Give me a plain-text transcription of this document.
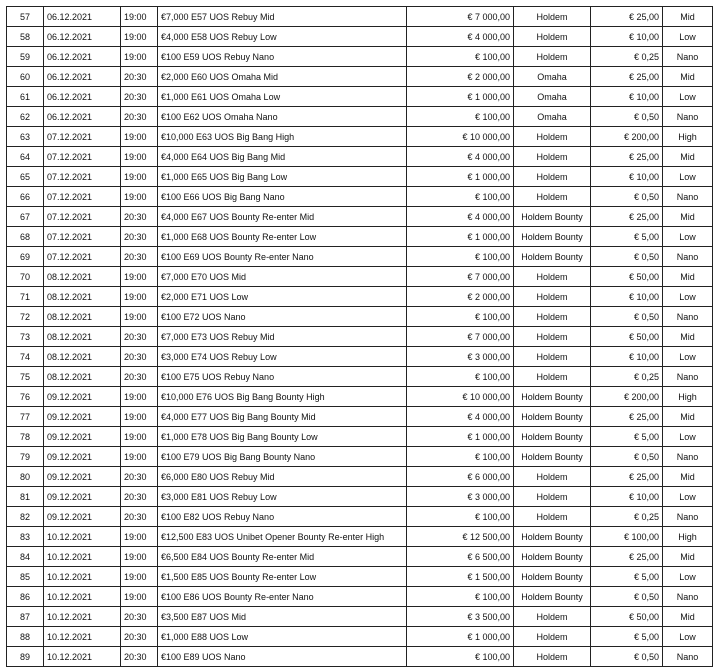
57	06.12.2021	19:00	€7,000 E57 UOS Rebuy Mid	€ 7 000,00	Holdem	€ 25,00	Mid
58	06.12.2021	19:00	€4,000 E58 UOS Rebuy Low	€ 4 000,00	Holdem	€ 10,00	Low
59	06.12.2021	19:00	€100 E59 UOS Rebuy Nano	€ 100,00	Holdem	€ 0,25	Nano
60	06.12.2021	20:30	€2,000 E60 UOS Omaha Mid	€ 2 000,00	Omaha	€ 25,00	Mid
61	06.12.2021	20:30	€1,000 E61 UOS Omaha Low	€ 1 000,00	Omaha	€ 10,00	Low
62	06.12.2021	20:30	€100 E62 UOS Omaha Nano	€ 100,00	Omaha	€ 0,50	Nano
63	07.12.2021	19:00	€10,000 E63 UOS Big Bang High	€ 10 000,00	Holdem	€ 200,00	High
64	07.12.2021	19:00	€4,000 E64 UOS Big Bang Mid	€ 4 000,00	Holdem	€ 25,00	Mid
65	07.12.2021	19:00	€1,000 E65 UOS Big Bang Low	€ 1 000,00	Holdem	€ 10,00	Low
66	07.12.2021	19:00	€100 E66 UOS Big Bang Nano	€ 100,00	Holdem	€ 0,50	Nano
67	07.12.2021	20:30	€4,000 E67 UOS Bounty Re-enter Mid	€ 4 000,00	Holdem Bounty	€ 25,00	Mid
68	07.12.2021	20:30	€1,000 E68 UOS Bounty Re-enter Low	€ 1 000,00	Holdem Bounty	€ 5,00	Low
69	07.12.2021	20:30	€100 E69 UOS Bounty Re-enter Nano	€ 100,00	Holdem Bounty	€ 0,50	Nano
70	08.12.2021	19:00	€7,000 E70 UOS Mid	€ 7 000,00	Holdem	€ 50,00	Mid
71	08.12.2021	19:00	€2,000 E71 UOS Low	€ 2 000,00	Holdem	€ 10,00	Low
72	08.12.2021	19:00	€100 E72 UOS Nano	€ 100,00	Holdem	€ 0,50	Nano
73	08.12.2021	20:30	€7,000 E73 UOS Rebuy Mid	€ 7 000,00	Holdem	€ 50,00	Mid
74	08.12.2021	20:30	€3,000 E74 UOS Rebuy Low	€ 3 000,00	Holdem	€ 10,00	Low
75	08.12.2021	20:30	€100 E75 UOS Rebuy Nano	€ 100,00	Holdem	€ 0,25	Nano
76	09.12.2021	19:00	€10,000 E76 UOS Big Bang Bounty High	€ 10 000,00	Holdem Bounty	€ 200,00	High
77	09.12.2021	19:00	€4,000 E77 UOS Big Bang Bounty Mid	€ 4 000,00	Holdem Bounty	€ 25,00	Mid
78	09.12.2021	19:00	€1,000 E78 UOS Big Bang Bounty Low	€ 1 000,00	Holdem Bounty	€ 5,00	Low
79	09.12.2021	19:00	€100 E79 UOS Big Bang Bounty Nano	€ 100,00	Holdem Bounty	€ 0,50	Nano
80	09.12.2021	20:30	€6,000 E80 UOS Rebuy Mid	€ 6 000,00	Holdem	€ 25,00	Mid
81	09.12.2021	20:30	€3,000 E81 UOS Rebuy Low	€ 3 000,00	Holdem	€ 10,00	Low
82	09.12.2021	20:30	€100 E82 UOS Rebuy Nano	€ 100,00	Holdem	€ 0,25	Nano
83	10.12.2021	19:00	€12,500 E83 UOS Unibet Opener Bounty Re-enter High	€ 12 500,00	Holdem Bounty	€ 100,00	High
84	10.12.2021	19:00	€6,500 E84 UOS Bounty Re-enter Mid	€ 6 500,00	Holdem Bounty	€ 25,00	Mid
85	10.12.2021	19:00	€1,500 E85 UOS Bounty Re-enter Low	€ 1 500,00	Holdem Bounty	€ 5,00	Low
86	10.12.2021	19:00	€100 E86 UOS Bounty Re-enter Nano	€ 100,00	Holdem Bounty	€ 0,50	Nano
87	10.12.2021	20:30	€3,500 E87 UOS Mid	€ 3 500,00	Holdem	€ 50,00	Mid
88	10.12.2021	20:30	€1,000 E88 UOS Low	€ 1 000,00	Holdem	€ 5,00	Low
89	10.12.2021	20:30	€100 E89 UOS Nano	€ 100,00	Holdem	€ 0,50	Nano
